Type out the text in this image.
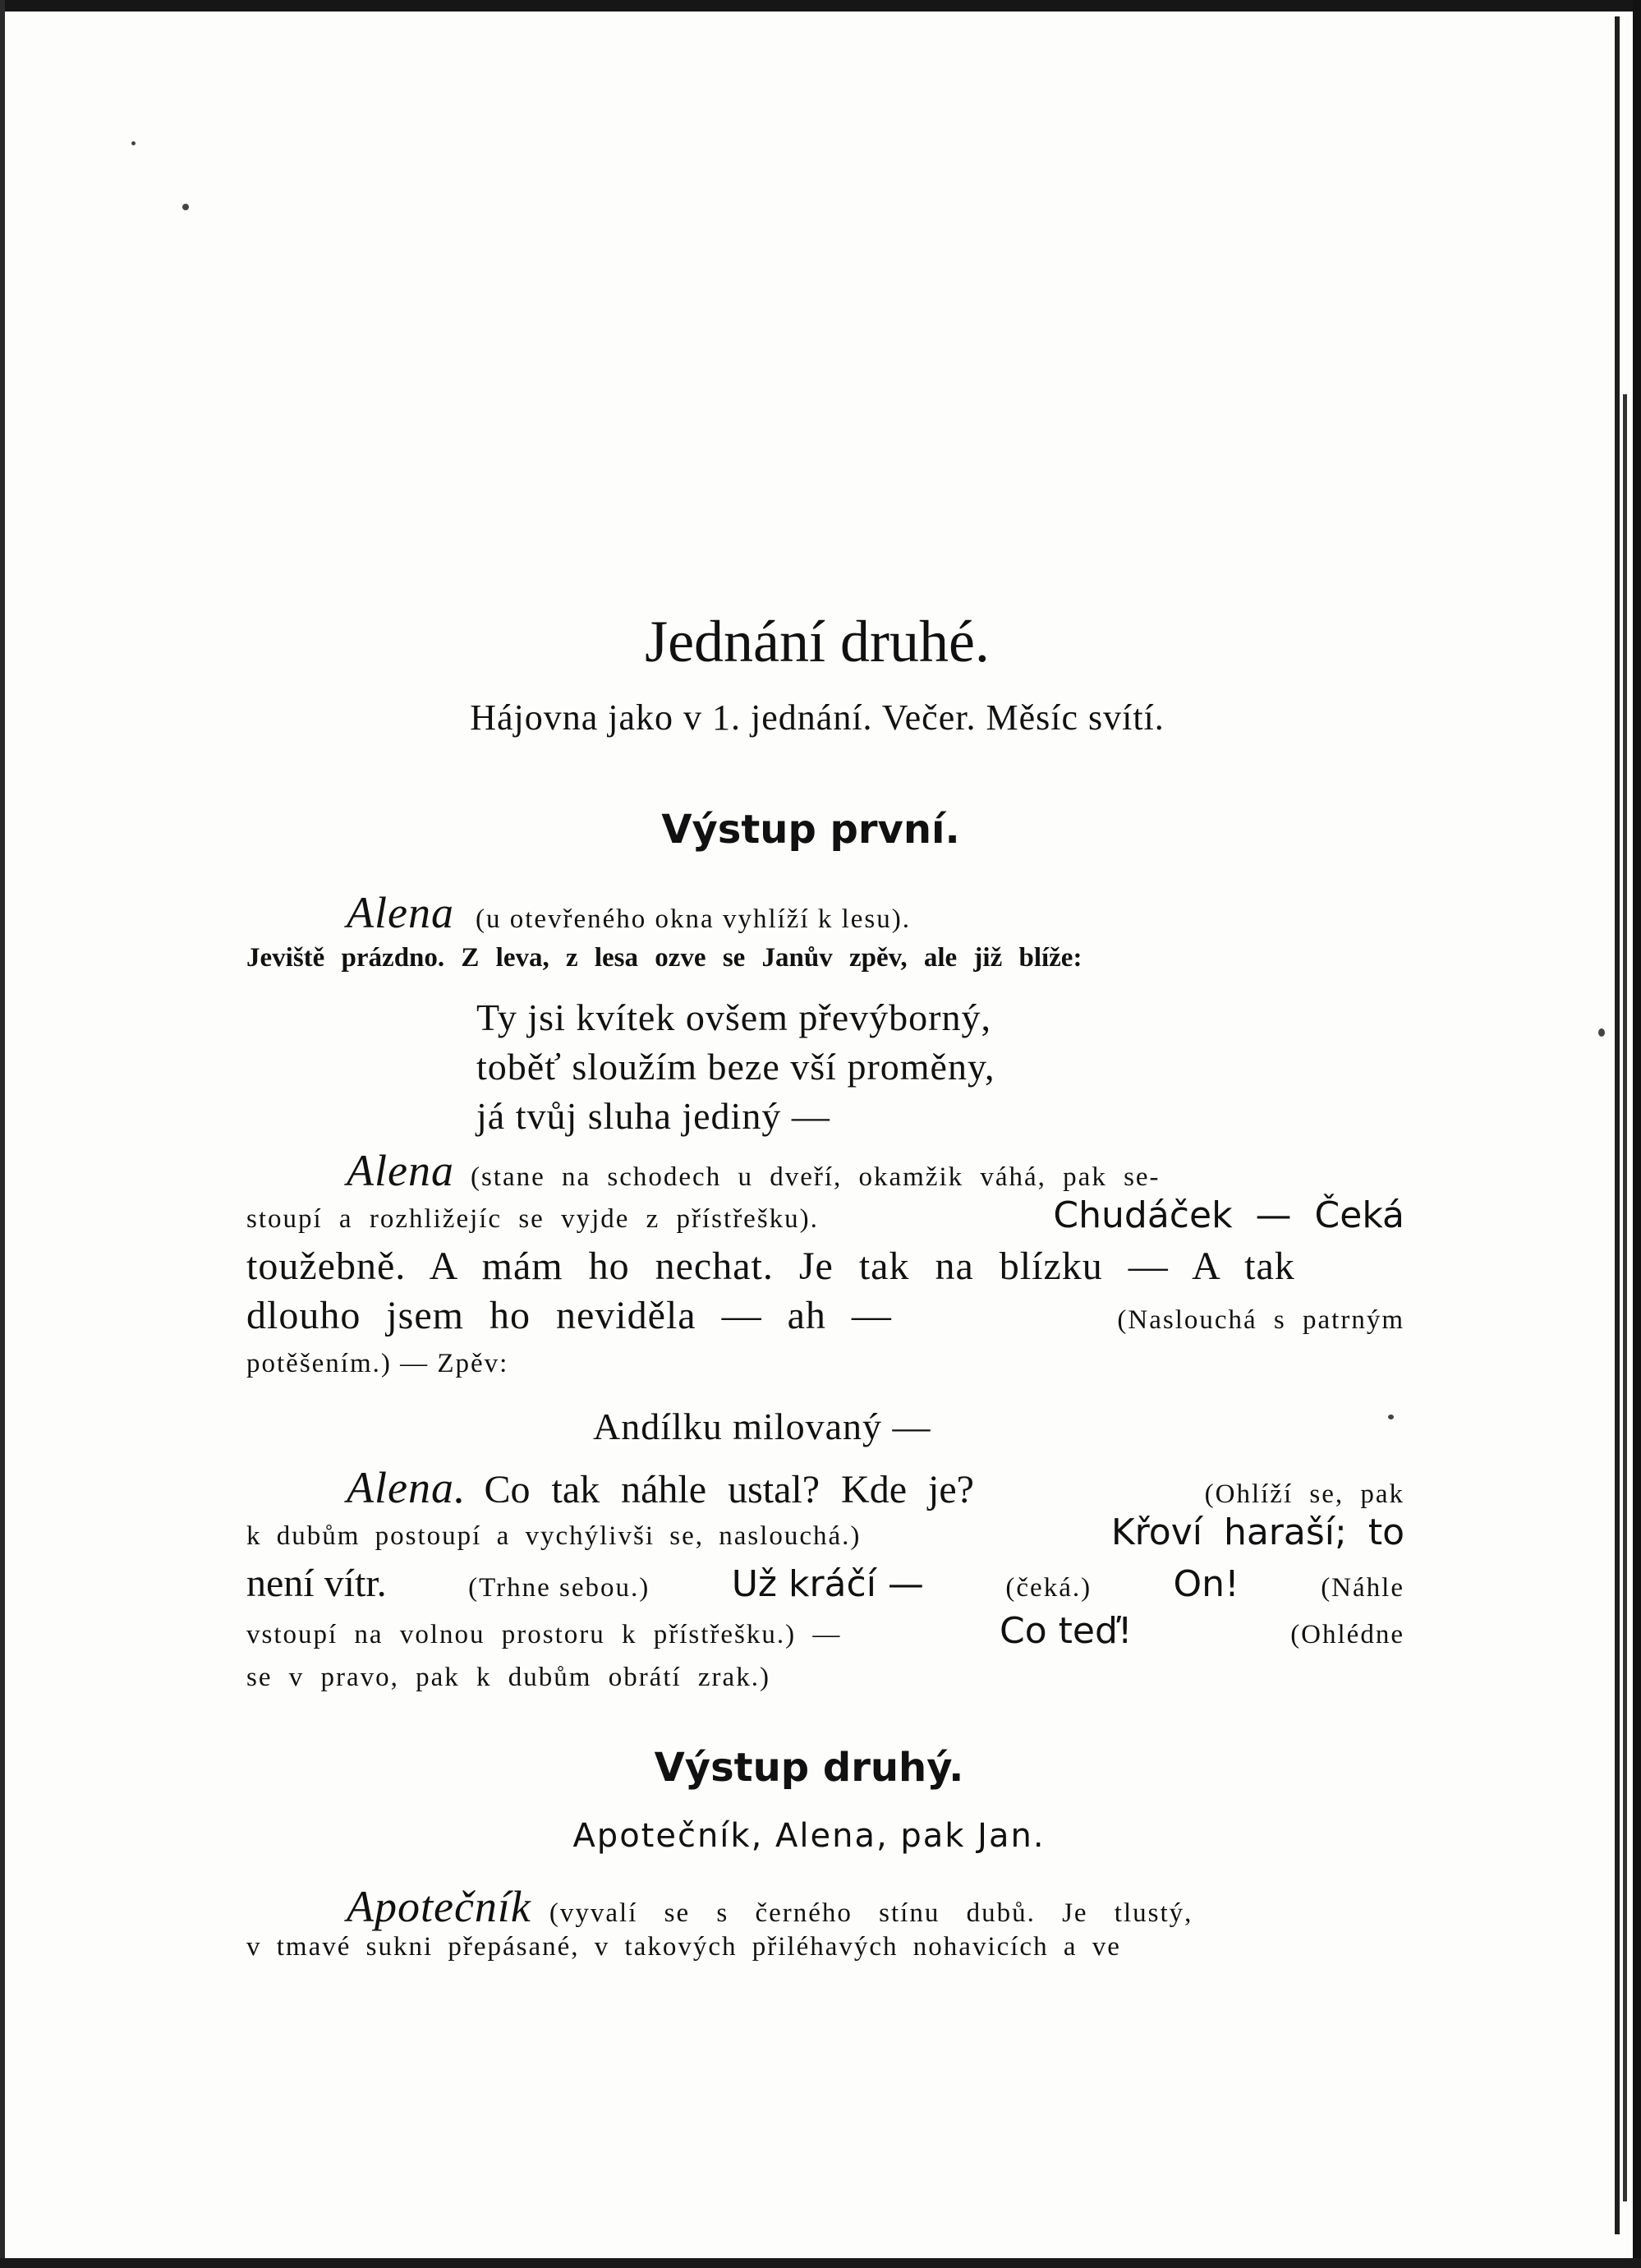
Jednání druhé.
Hájovna jako v 1. jednání. Večer. Měsíc svítí.
Výstup první.
Alena (u otevřeného okna vyhlíží k lesu).
Jeviště prázdno. Z leva, z lesa ozve se Janův zpěv, ale již blíže:
Ty jsi kvítek ovšem převýborný,
toběť sloužím beze vší proměny,
já tvůj sluha jediný —
Alena (stane na schodech u dveří, okamžik váhá, pak se-
stoupí a rozhližejíc se vyjde z přístřešku).	Chudáček — Čeká
toužebně. A mám ho nechat. Je tak na blízku — A tak
dlouho jsem ho neviděla — ah —	(Naslouchá s patrným
potěšením.) — Zpěv:
Andílku milovaný —
Alena. Co tak náhle ustal? Kde je?	(Ohlíží se, pak
k dubům postoupí a vychýlivši se, naslouchá.)	Křoví haraší; to
není vítr.	(Trhne sebou.) Už kráčí —	(čeká.) On!	(Náhle
vstoupí na volnou prostoru k přístřešku.) —	Co teď!	(Ohlédne
se v pravo, pak k dubům obrátí zrak.)
Výstup druhý.
Apotečník, Alena, pak Jan.
Apotečník (vyvalí se s černého stínu dubů. Je tlustý,
v tmavé sukni přepásané, v takových přiléhavých nohavicích a ve
